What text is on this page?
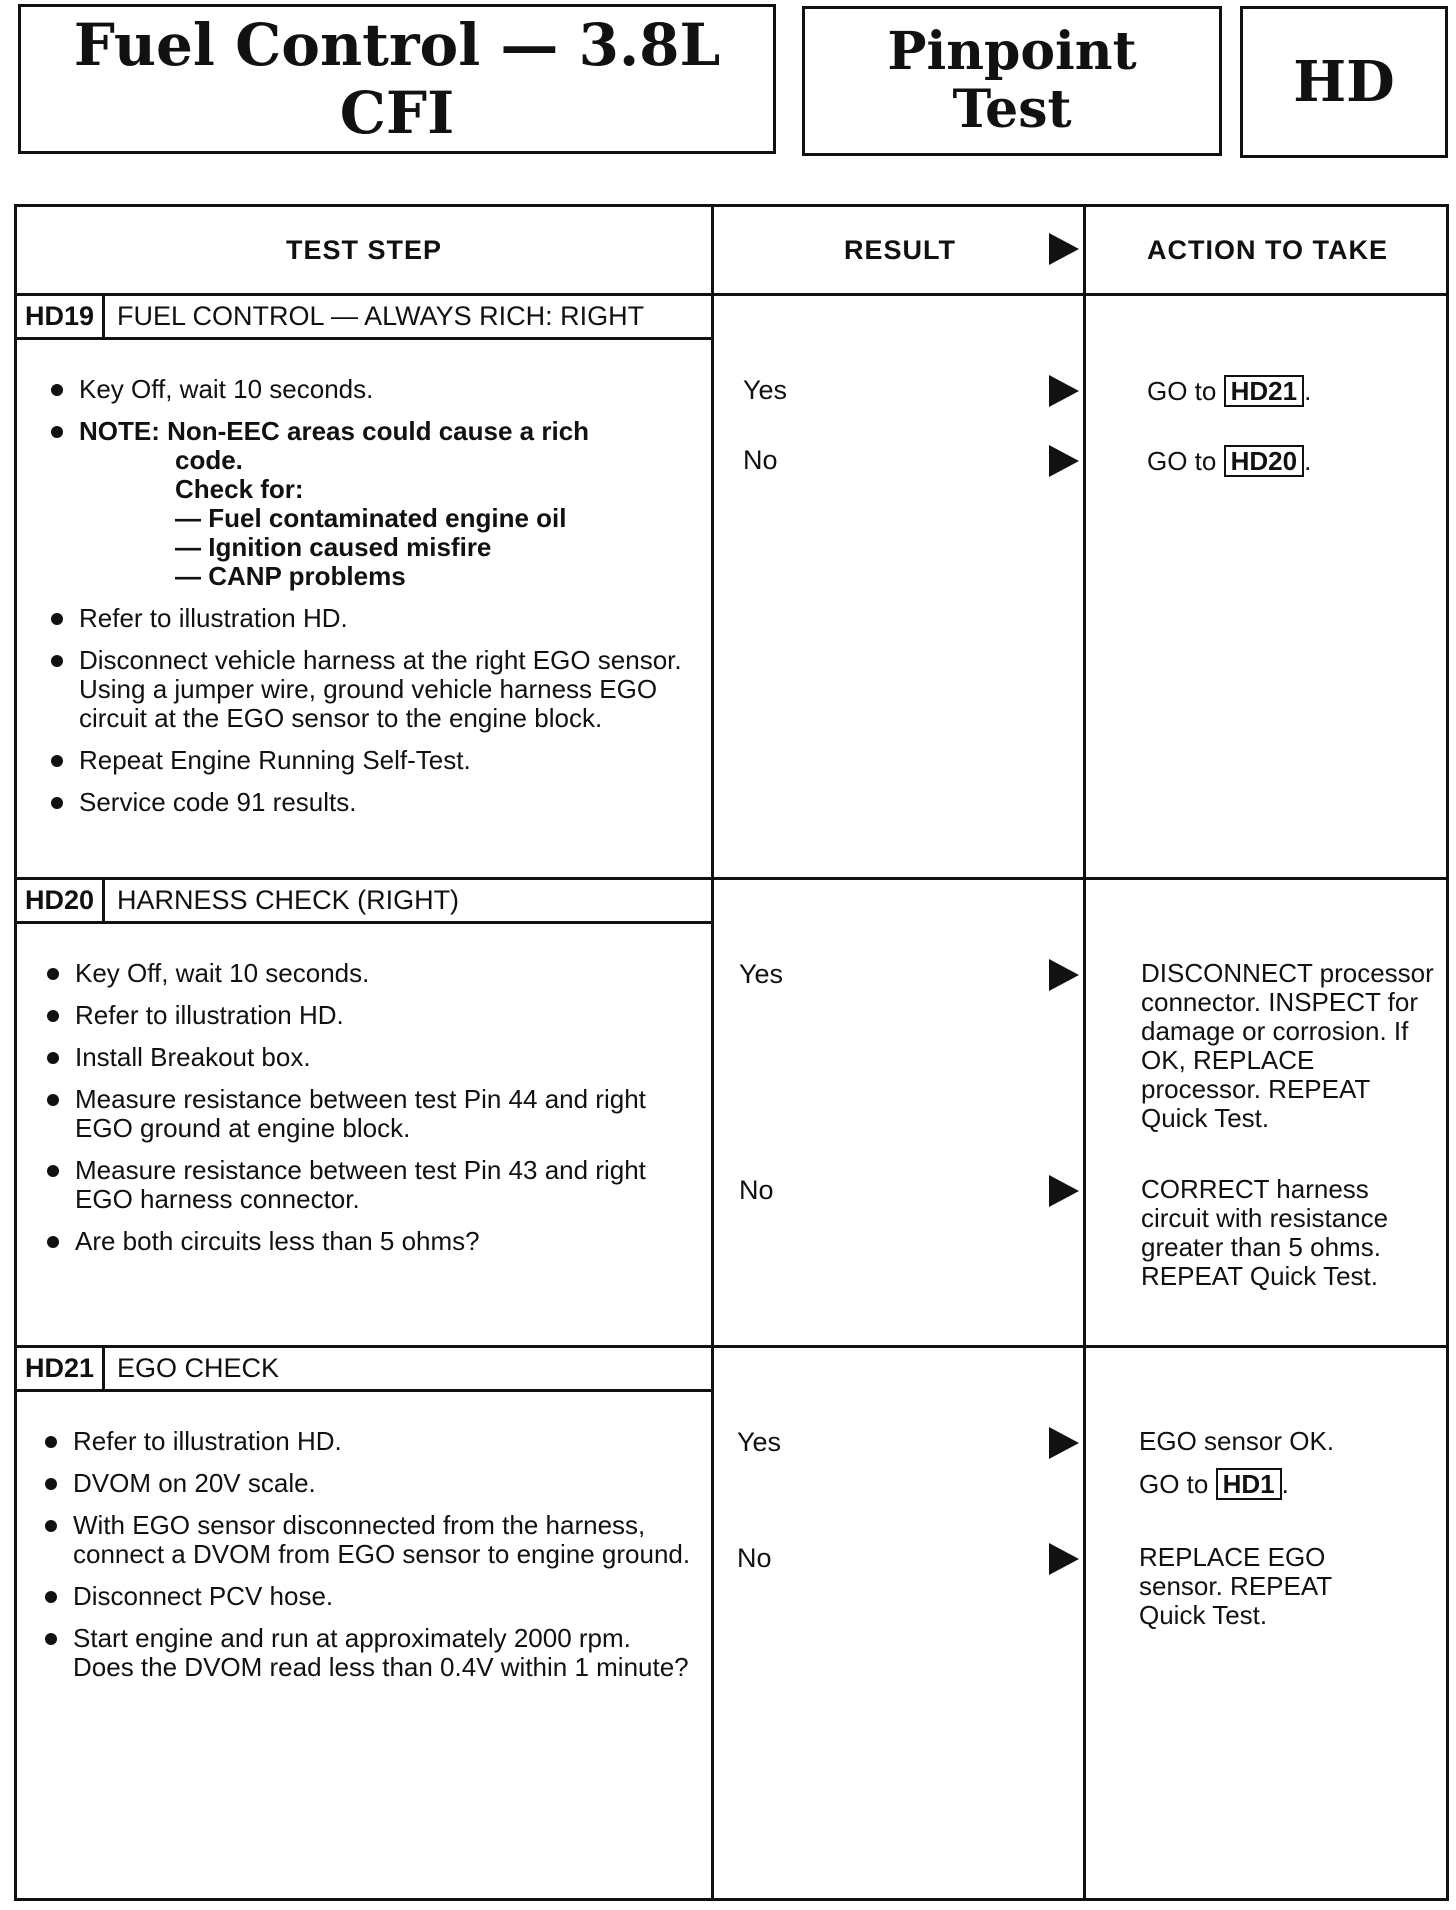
Fuel Control — 3.8L CFI
Pinpoint
Test	HD
TEST STEP	RESULT	ACTION TO TAKE
HD19 FUEL CONTROL — ALWAYS RICH: RIGHT
Key Off, wait 10 seconds.
NOTE: Non-EEC areas could cause a rich
code.
Check for:
— Fuel contaminated engine oil
— Ignition caused misfire
— CANP problems
Refer to illustration HD.
Disconnect vehicle harness at the right EGO sensor. Using a jumper wire, ground vehicle harness EGO circuit at the EGO sensor to the engine block.
Repeat Engine Running Self-Test.
Service code 91 results.
Yes	GO to HD21 .
No	GO to HD20 .
HD20 HARNESS CHECK (RIGHT)
Key Off, wait 10 seconds.
Refer to illustration HD.
Install Breakout box.
Measure resistance between test Pin 44 and right EGO ground at engine block.
Measure resistance between test Pin 43 and right EGO harness connector.
Are both circuits less than 5 ohms?
Yes	DISCONNECT processor connector. INSPECT for damage or corrosion. If OK, REPLACE processor. REPEAT Quick Test.
No	CORRECT harness circuit with resistance greater than 5 ohms. REPEAT Quick Test.
HD21 EGO CHECK
Refer to illustration HD.
DVOM on 20V scale.
With EGO sensor disconnected from the harness, connect a DVOM from EGO sensor to engine ground.
Disconnect PCV hose.
Start engine and run at approximately 2000 rpm. Does the DVOM read less than 0.4V within 1 minute?
Yes	EGO sensor OK.
GO to HD1 .
No	REPLACE EGO sensor. REPEAT Quick Test.
